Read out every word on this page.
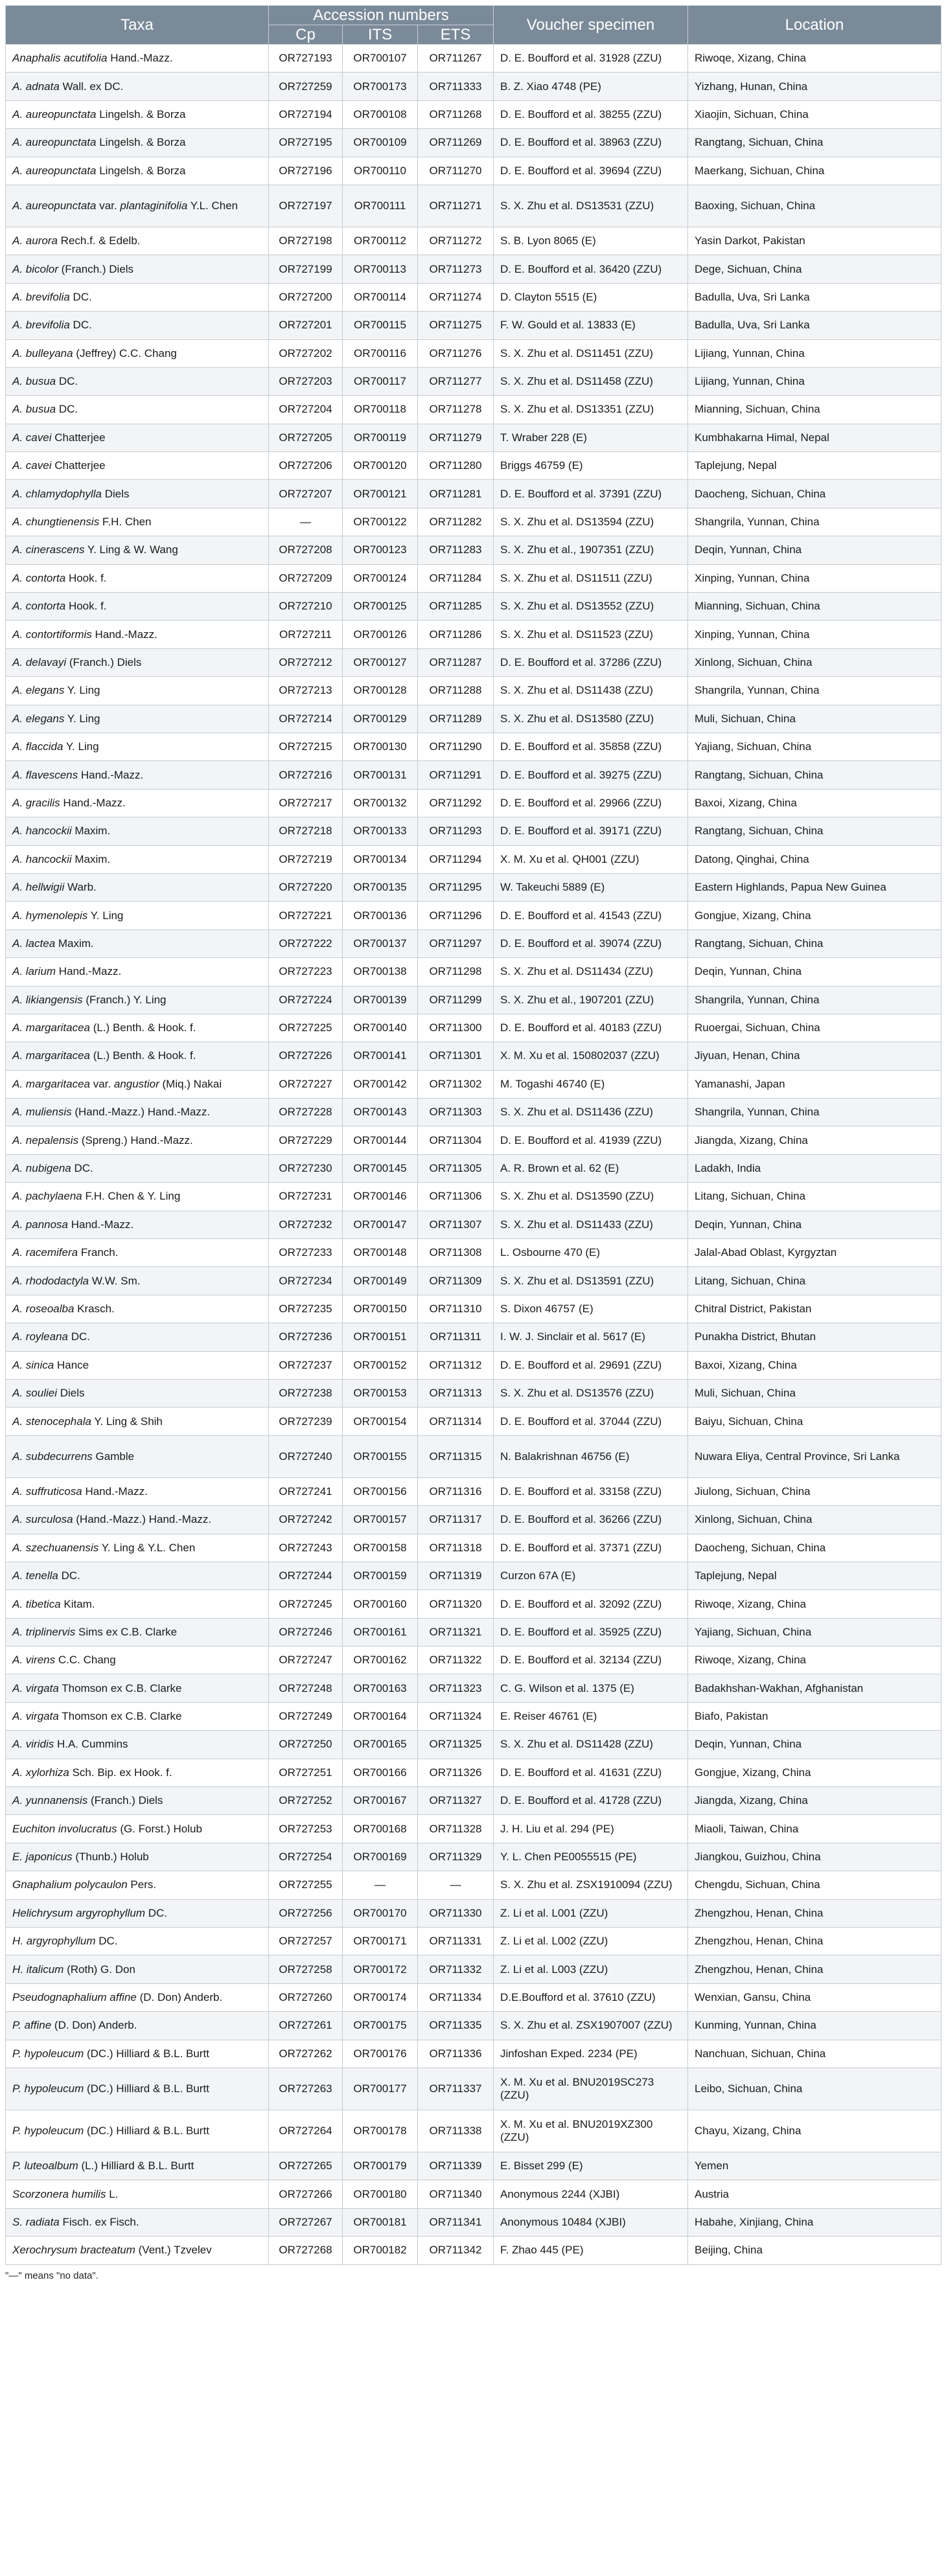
Taxa	Accession numbers			Voucher specimen	Location
	Cp	ITS	ETS		
Anaphalis acutifolia Hand.-Mazz.	OR727193	OR700107	OR711267	D. E. Boufford et al. 31928 (ZZU)	Riwoqe, Xizang, China
A. adnata Wall. ex DC.	OR727259	OR700173	OR711333	B. Z. Xiao 4748 (PE)	Yizhang, Hunan, China
A. aureopunctata Lingelsh. & Borza	OR727194	OR700108	OR711268	D. E. Boufford et al. 38255 (ZZU)	Xiaojin, Sichuan, China
A. aureopunctata Lingelsh. & Borza	OR727195	OR700109	OR711269	D. E. Boufford et al. 38963 (ZZU)	Rangtang, Sichuan, China
A. aureopunctata Lingelsh. & Borza	OR727196	OR700110	OR711270	D. E. Boufford et al. 39694 (ZZU)	Maerkang, Sichuan, China
A. aureopunctata var. plantaginifolia Y.L. Chen	OR727197	OR700111	OR711271	S. X. Zhu et al. DS13531 (ZZU)	Baoxing, Sichuan, China
A. aurora Rech.f. & Edelb.	OR727198	OR700112	OR711272	S. B. Lyon 8065 (E)	Yasin Darkot, Pakistan
A. bicolor (Franch.) Diels	OR727199	OR700113	OR711273	D. E. Boufford et al. 36420 (ZZU)	Dege, Sichuan, China
A. brevifolia DC.	OR727200	OR700114	OR711274	D. Clayton 5515 (E)	Badulla, Uva, Sri Lanka
A. brevifolia DC.	OR727201	OR700115	OR711275	F. W. Gould et al. 13833 (E)	Badulla, Uva, Sri Lanka
A. bulleyana (Jeffrey) C.C. Chang	OR727202	OR700116	OR711276	S. X. Zhu et al. DS11451 (ZZU)	Lijiang, Yunnan, China
A. busua DC.	OR727203	OR700117	OR711277	S. X. Zhu et al. DS11458 (ZZU)	Lijiang, Yunnan, China
A. busua DC.	OR727204	OR700118	OR711278	S. X. Zhu et al. DS13351 (ZZU)	Mianning, Sichuan, China
A. cavei Chatterjee	OR727205	OR700119	OR711279	T. Wraber 228 (E)	Kumbhakarna Himal, Nepal
A. cavei Chatterjee	OR727206	OR700120	OR711280	Briggs 46759 (E)	Taplejung, Nepal
A. chlamydophylla Diels	OR727207	OR700121	OR711281	D. E. Boufford et al. 37391 (ZZU)	Daocheng, Sichuan, China
A. chungtienensis F.H. Chen	—	OR700122	OR711282	S. X. Zhu et al. DS13594 (ZZU)	Shangrila, Yunnan, China
A. cinerascens Y. Ling & W. Wang	OR727208	OR700123	OR711283	S. X. Zhu et al., 1907351 (ZZU)	Deqin, Yunnan, China
A. contorta Hook. f.	OR727209	OR700124	OR711284	S. X. Zhu et al. DS11511 (ZZU)	Xinping, Yunnan, China
A. contorta Hook. f.	OR727210	OR700125	OR711285	S. X. Zhu et al. DS13552 (ZZU)	Mianning, Sichuan, China
A. contortiformis Hand.-Mazz.	OR727211	OR700126	OR711286	S. X. Zhu et al. DS11523 (ZZU)	Xinping, Yunnan, China
A. delavayi (Franch.) Diels	OR727212	OR700127	OR711287	D. E. Boufford et al. 37286 (ZZU)	Xinlong, Sichuan, China
A. elegans Y. Ling	OR727213	OR700128	OR711288	S. X. Zhu et al. DS11438 (ZZU)	Shangrila, Yunnan, China
A. elegans Y. Ling	OR727214	OR700129	OR711289	S. X. Zhu et al. DS13580 (ZZU)	Muli, Sichuan, China
A. flaccida Y. Ling	OR727215	OR700130	OR711290	D. E. Boufford et al. 35858 (ZZU)	Yajiang, Sichuan, China
A. flavescens Hand.-Mazz.	OR727216	OR700131	OR711291	D. E. Boufford et al. 39275 (ZZU)	Rangtang, Sichuan, China
A. gracilis Hand.-Mazz.	OR727217	OR700132	OR711292	D. E. Boufford et al. 29966 (ZZU)	Baxoi, Xizang, China
A. hancockii Maxim.	OR727218	OR700133	OR711293	D. E. Boufford et al. 39171 (ZZU)	Rangtang, Sichuan, China
A. hancockii Maxim.	OR727219	OR700134	OR711294	X. M. Xu et al. QH001 (ZZU)	Datong, Qinghai, China
A. hellwigii Warb.	OR727220	OR700135	OR711295	W. Takeuchi 5889 (E)	Eastern Highlands, Papua New Guinea
A. hymenolepis Y. Ling	OR727221	OR700136	OR711296	D. E. Boufford et al. 41543 (ZZU)	Gongjue, Xizang, China
A. lactea Maxim.	OR727222	OR700137	OR711297	D. E. Boufford et al. 39074 (ZZU)	Rangtang, Sichuan, China
A. larium Hand.-Mazz.	OR727223	OR700138	OR711298	S. X. Zhu et al. DS11434 (ZZU)	Deqin, Yunnan, China
A. likiangensis (Franch.) Y. Ling	OR727224	OR700139	OR711299	S. X. Zhu et al., 1907201 (ZZU)	Shangrila, Yunnan, China
A. margaritacea (L.) Benth. & Hook. f.	OR727225	OR700140	OR711300	D. E. Boufford et al. 40183 (ZZU)	Ruoergai, Sichuan, China
A. margaritacea (L.) Benth. & Hook. f.	OR727226	OR700141	OR711301	X. M. Xu et al. 150802037 (ZZU)	Jiyuan, Henan, China
A. margaritacea var. angustior (Miq.) Nakai	OR727227	OR700142	OR711302	M. Togashi 46740 (E)	Yamanashi, Japan
A. muliensis (Hand.-Mazz.) Hand.-Mazz.	OR727228	OR700143	OR711303	S. X. Zhu et al. DS11436 (ZZU)	Shangrila, Yunnan, China
A. nepalensis (Spreng.) Hand.-Mazz.	OR727229	OR700144	OR711304	D. E. Boufford et al. 41939 (ZZU)	Jiangda, Xizang, China
A. nubigena DC.	OR727230	OR700145	OR711305	A. R. Brown et al. 62 (E)	Ladakh, India
A. pachylaena F.H. Chen & Y. Ling	OR727231	OR700146	OR711306	S. X. Zhu et al. DS13590 (ZZU)	Litang, Sichuan, China
A. pannosa Hand.-Mazz.	OR727232	OR700147	OR711307	S. X. Zhu et al. DS11433 (ZZU)	Deqin, Yunnan, China
A. racemifera Franch.	OR727233	OR700148	OR711308	L. Osbourne 470 (E)	Jalal-Abad Oblast, Kyrgyztan
A. rhododactyla W.W. Sm.	OR727234	OR700149	OR711309	S. X. Zhu et al. DS13591 (ZZU)	Litang, Sichuan, China
A. roseoalba Krasch.	OR727235	OR700150	OR711310	S. Dixon 46757 (E)	Chitral District, Pakistan
A. royleana DC.	OR727236	OR700151	OR711311	I. W. J. Sinclair et al. 5617 (E)	Punakha District, Bhutan
A. sinica Hance	OR727237	OR700152	OR711312	D. E. Boufford et al. 29691 (ZZU)	Baxoi, Xizang, China
A. souliei Diels	OR727238	OR700153	OR711313	S. X. Zhu et al. DS13576 (ZZU)	Muli, Sichuan, China
A. stenocephala Y. Ling & Shih	OR727239	OR700154	OR711314	D. E. Boufford et al. 37044 (ZZU)	Baiyu, Sichuan, China
A. subdecurrens Gamble	OR727240	OR700155	OR711315	N. Balakrishnan 46756 (E)	Nuwara Eliya, Central Province, Sri Lanka
A. suffruticosa Hand.-Mazz.	OR727241	OR700156	OR711316	D. E. Boufford et al. 33158 (ZZU)	Jiulong, Sichuan, China
A. surculosa (Hand.-Mazz.) Hand.-Mazz.	OR727242	OR700157	OR711317	D. E. Boufford et al. 36266 (ZZU)	Xinlong, Sichuan, China
A. szechuanensis Y. Ling & Y.L. Chen	OR727243	OR700158	OR711318	D. E. Boufford et al. 37371 (ZZU)	Daocheng, Sichuan, China
A. tenella DC.	OR727244	OR700159	OR711319	Curzon 67A (E)	Taplejung, Nepal
A. tibetica Kitam.	OR727245	OR700160	OR711320	D. E. Boufford et al. 32092 (ZZU)	Riwoqe, Xizang, China
A. triplinervis Sims ex C.B. Clarke	OR727246	OR700161	OR711321	D. E. Boufford et al. 35925 (ZZU)	Yajiang, Sichuan, China
A. virens C.C. Chang	OR727247	OR700162	OR711322	D. E. Boufford et al. 32134 (ZZU)	Riwoqe, Xizang, China
A. virgata Thomson ex C.B. Clarke	OR727248	OR700163	OR711323	C. G. Wilson et al. 1375 (E)	Badakhshan-Wakhan, Afghanistan
A. virgata Thomson ex C.B. Clarke	OR727249	OR700164	OR711324	E. Reiser 46761 (E)	Biafo, Pakistan
A. viridis H.A. Cummins	OR727250	OR700165	OR711325	S. X. Zhu et al. DS11428 (ZZU)	Deqin, Yunnan, China
A. xylorhiza Sch. Bip. ex Hook. f.	OR727251	OR700166	OR711326	D. E. Boufford et al. 41631 (ZZU)	Gongjue, Xizang, China
A. yunnanensis (Franch.) Diels	OR727252	OR700167	OR711327	D. E. Boufford et al. 41728 (ZZU)	Jiangda, Xizang, China
Euchiton involucratus (G. Forst.) Holub	OR727253	OR700168	OR711328	J. H. Liu et al. 294 (PE)	Miaoli, Taiwan, China
E. japonicus (Thunb.) Holub	OR727254	OR700169	OR711329	Y. L. Chen PE0055515 (PE)	Jiangkou, Guizhou, China
Gnaphalium polycaulon Pers.	OR727255	—	—	S. X. Zhu et al. ZSX1910094 (ZZU)	Chengdu, Sichuan, China
Helichrysum argyrophyllum DC.	OR727256	OR700170	OR711330	Z. Li et al. L001 (ZZU)	Zhengzhou, Henan, China
H. argyrophyllum DC.	OR727257	OR700171	OR711331	Z. Li et al. L002 (ZZU)	Zhengzhou, Henan, China
H. italicum (Roth) G. Don	OR727258	OR700172	OR711332	Z. Li et al. L003 (ZZU)	Zhengzhou, Henan, China
Pseudognaphalium affine (D. Don) Anderb.	OR727260	OR700174	OR711334	D.E.Boufford et al. 37610 (ZZU)	Wenxian, Gansu, China
P. affine (D. Don) Anderb.	OR727261	OR700175	OR711335	S. X. Zhu et al. ZSX1907007 (ZZU)	Kunming, Yunnan, China
P. hypoleucum (DC.) Hilliard & B.L. Burtt	OR727262	OR700176	OR711336	Jinfoshan Exped. 2234 (PE)	Nanchuan, Sichuan, China
P. hypoleucum (DC.) Hilliard & B.L. Burtt	OR727263	OR700177	OR711337	X. M. Xu et al. BNU2019SC273 (ZZU)	Leibo, Sichuan, China
P. hypoleucum (DC.) Hilliard & B.L. Burtt	OR727264	OR700178	OR711338	X. M. Xu et al. BNU2019XZ300 (ZZU)	Chayu, Xizang, China
P. luteoalbum (L.) Hilliard & B.L. Burtt	OR727265	OR700179	OR711339	E. Bisset 299 (E)	Yemen
Scorzonera humilis L.	OR727266	OR700180	OR711340	Anonymous 2244 (XJBI)	Austria
S. radiata Fisch. ex Fisch.	OR727267	OR700181	OR711341	Anonymous 10484 (XJBI)	Habahe, Xinjiang, China
Xerochrysum bracteatum (Vent.) Tzvelev	OR727268	OR700182	OR711342	F. Zhao 445 (PE)	Beijing, China
"—" means "no data".
